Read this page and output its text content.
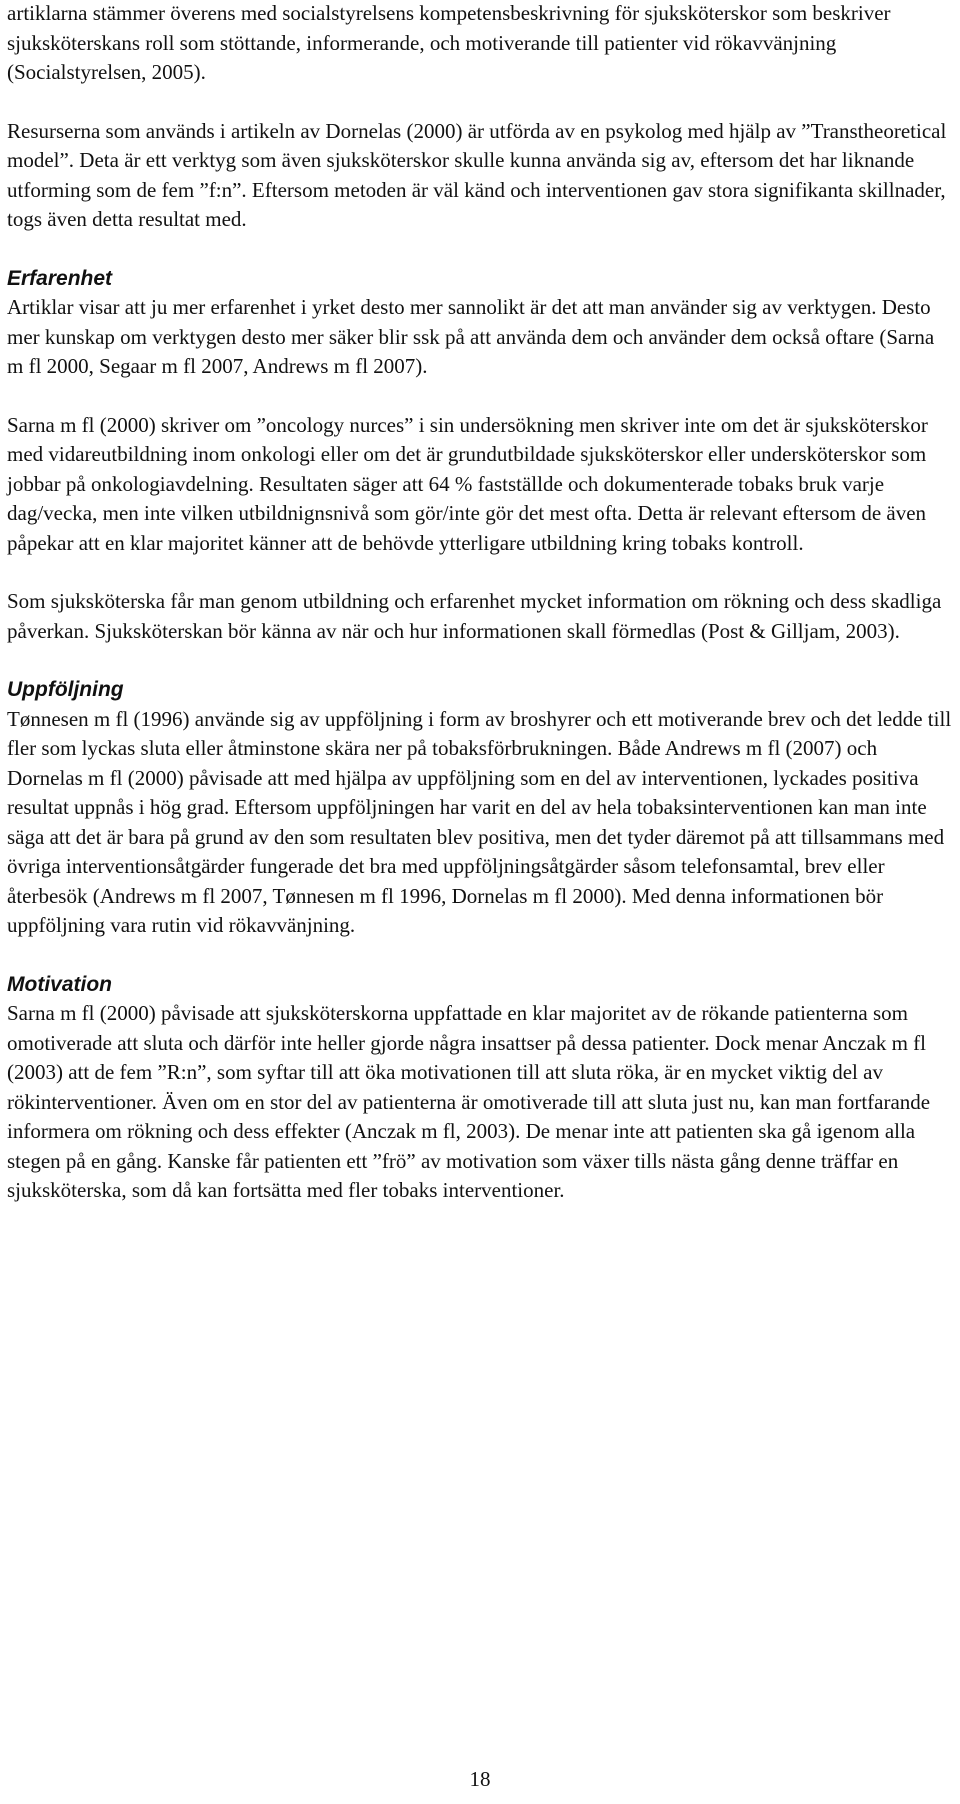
artiklarna stämmer överens med socialstyrelsens kompetensbeskrivning för sjuksköterskor som beskriver sjuksköterskans roll som stöttande, informerande, och motiverande till patienter vid rökavvänjning (Socialstyrelsen, 2005).

Resurserna som används i artikeln av Dornelas (2000) är utförda av en psykolog med hjälp av ”Transtheoretical model”. Deta är ett verktyg som även sjuksköterskor skulle kunna använda sig av, eftersom det har liknande utforming som de fem ”f:n”. Eftersom metoden är väl känd och interventionen gav stora signifikanta skillnader, togs även detta resultat med.

Erfarenhet

Artiklar visar att ju mer erfarenhet i yrket desto mer sannolikt är det att man använder sig av verktygen. Desto mer kunskap om verktygen desto mer säker blir ssk på att använda dem och använder dem också oftare (Sarna m fl 2000, Segaar m fl 2007, Andrews m fl 2007).

Sarna m fl (2000) skriver om ”oncology nurces” i sin undersökning men skriver inte om det är sjuksköterskor med vidareutbildning inom onkologi eller om det är grundutbildade sjuksköterskor eller undersköterskor som jobbar på onkologiavdelning. Resultaten säger att 64 % fastställde och dokumenterade tobaks bruk varje dag/vecka, men inte vilken utbildnignsnivå som gör/inte gör det mest ofta. Detta är relevant eftersom de även påpekar att en klar majoritet känner att de behövde ytterligare utbildning kring tobaks kontroll.

Som sjuksköterska får man genom utbildning och erfarenhet mycket information om rökning och dess skadliga påverkan. Sjuksköterskan bör känna av när och hur informationen skall förmedlas (Post & Gilljam, 2003).

Uppföljning

Tønnesen m fl (1996) använde sig av uppföljning i form av broshyrer och ett motiverande brev och det ledde till fler som lyckas sluta eller åtminstone skära ner på tobaksförbrukningen. Både Andrews m fl (2007) och Dornelas m fl (2000) påvisade att med hjälpa av uppföljning som en del av interventionen, lyckades positiva resultat uppnås i hög grad. Eftersom uppföljningen har varit en del av hela tobaksinterventionen kan man inte säga att det är bara på grund av den som resultaten blev positiva, men det tyder däremot på att tillsammans med övriga interventionsåtgärder fungerade det bra med uppföljningsåtgärder såsom telefonsamtal, brev eller återbesök (Andrews m fl 2007, Tønnesen m fl 1996, Dornelas m fl 2000). Med denna informationen bör uppföljning vara rutin vid rökavvänjning.

Motivation

Sarna m fl (2000) påvisade att sjuksköterskorna uppfattade en klar majoritet av de rökande patienterna som omotiverade att sluta och därför inte heller gjorde några insattser på dessa patienter. Dock menar Anczak m fl (2003) att de fem ”R:n”, som syftar till att öka motivationen till att sluta röka, är en mycket viktig del av rökinterventioner. Även om en stor del av patienterna är omotiverade till att sluta just nu, kan man fortfarande informera om rökning och dess effekter (Anczak m fl, 2003). De menar inte att patienten ska gå igenom alla stegen på en gång. Kanske får patienten ett ”frö” av motivation som växer tills nästa gång denne träffar en sjuksköterska, som då kan fortsätta med fler tobaks interventioner.

18
